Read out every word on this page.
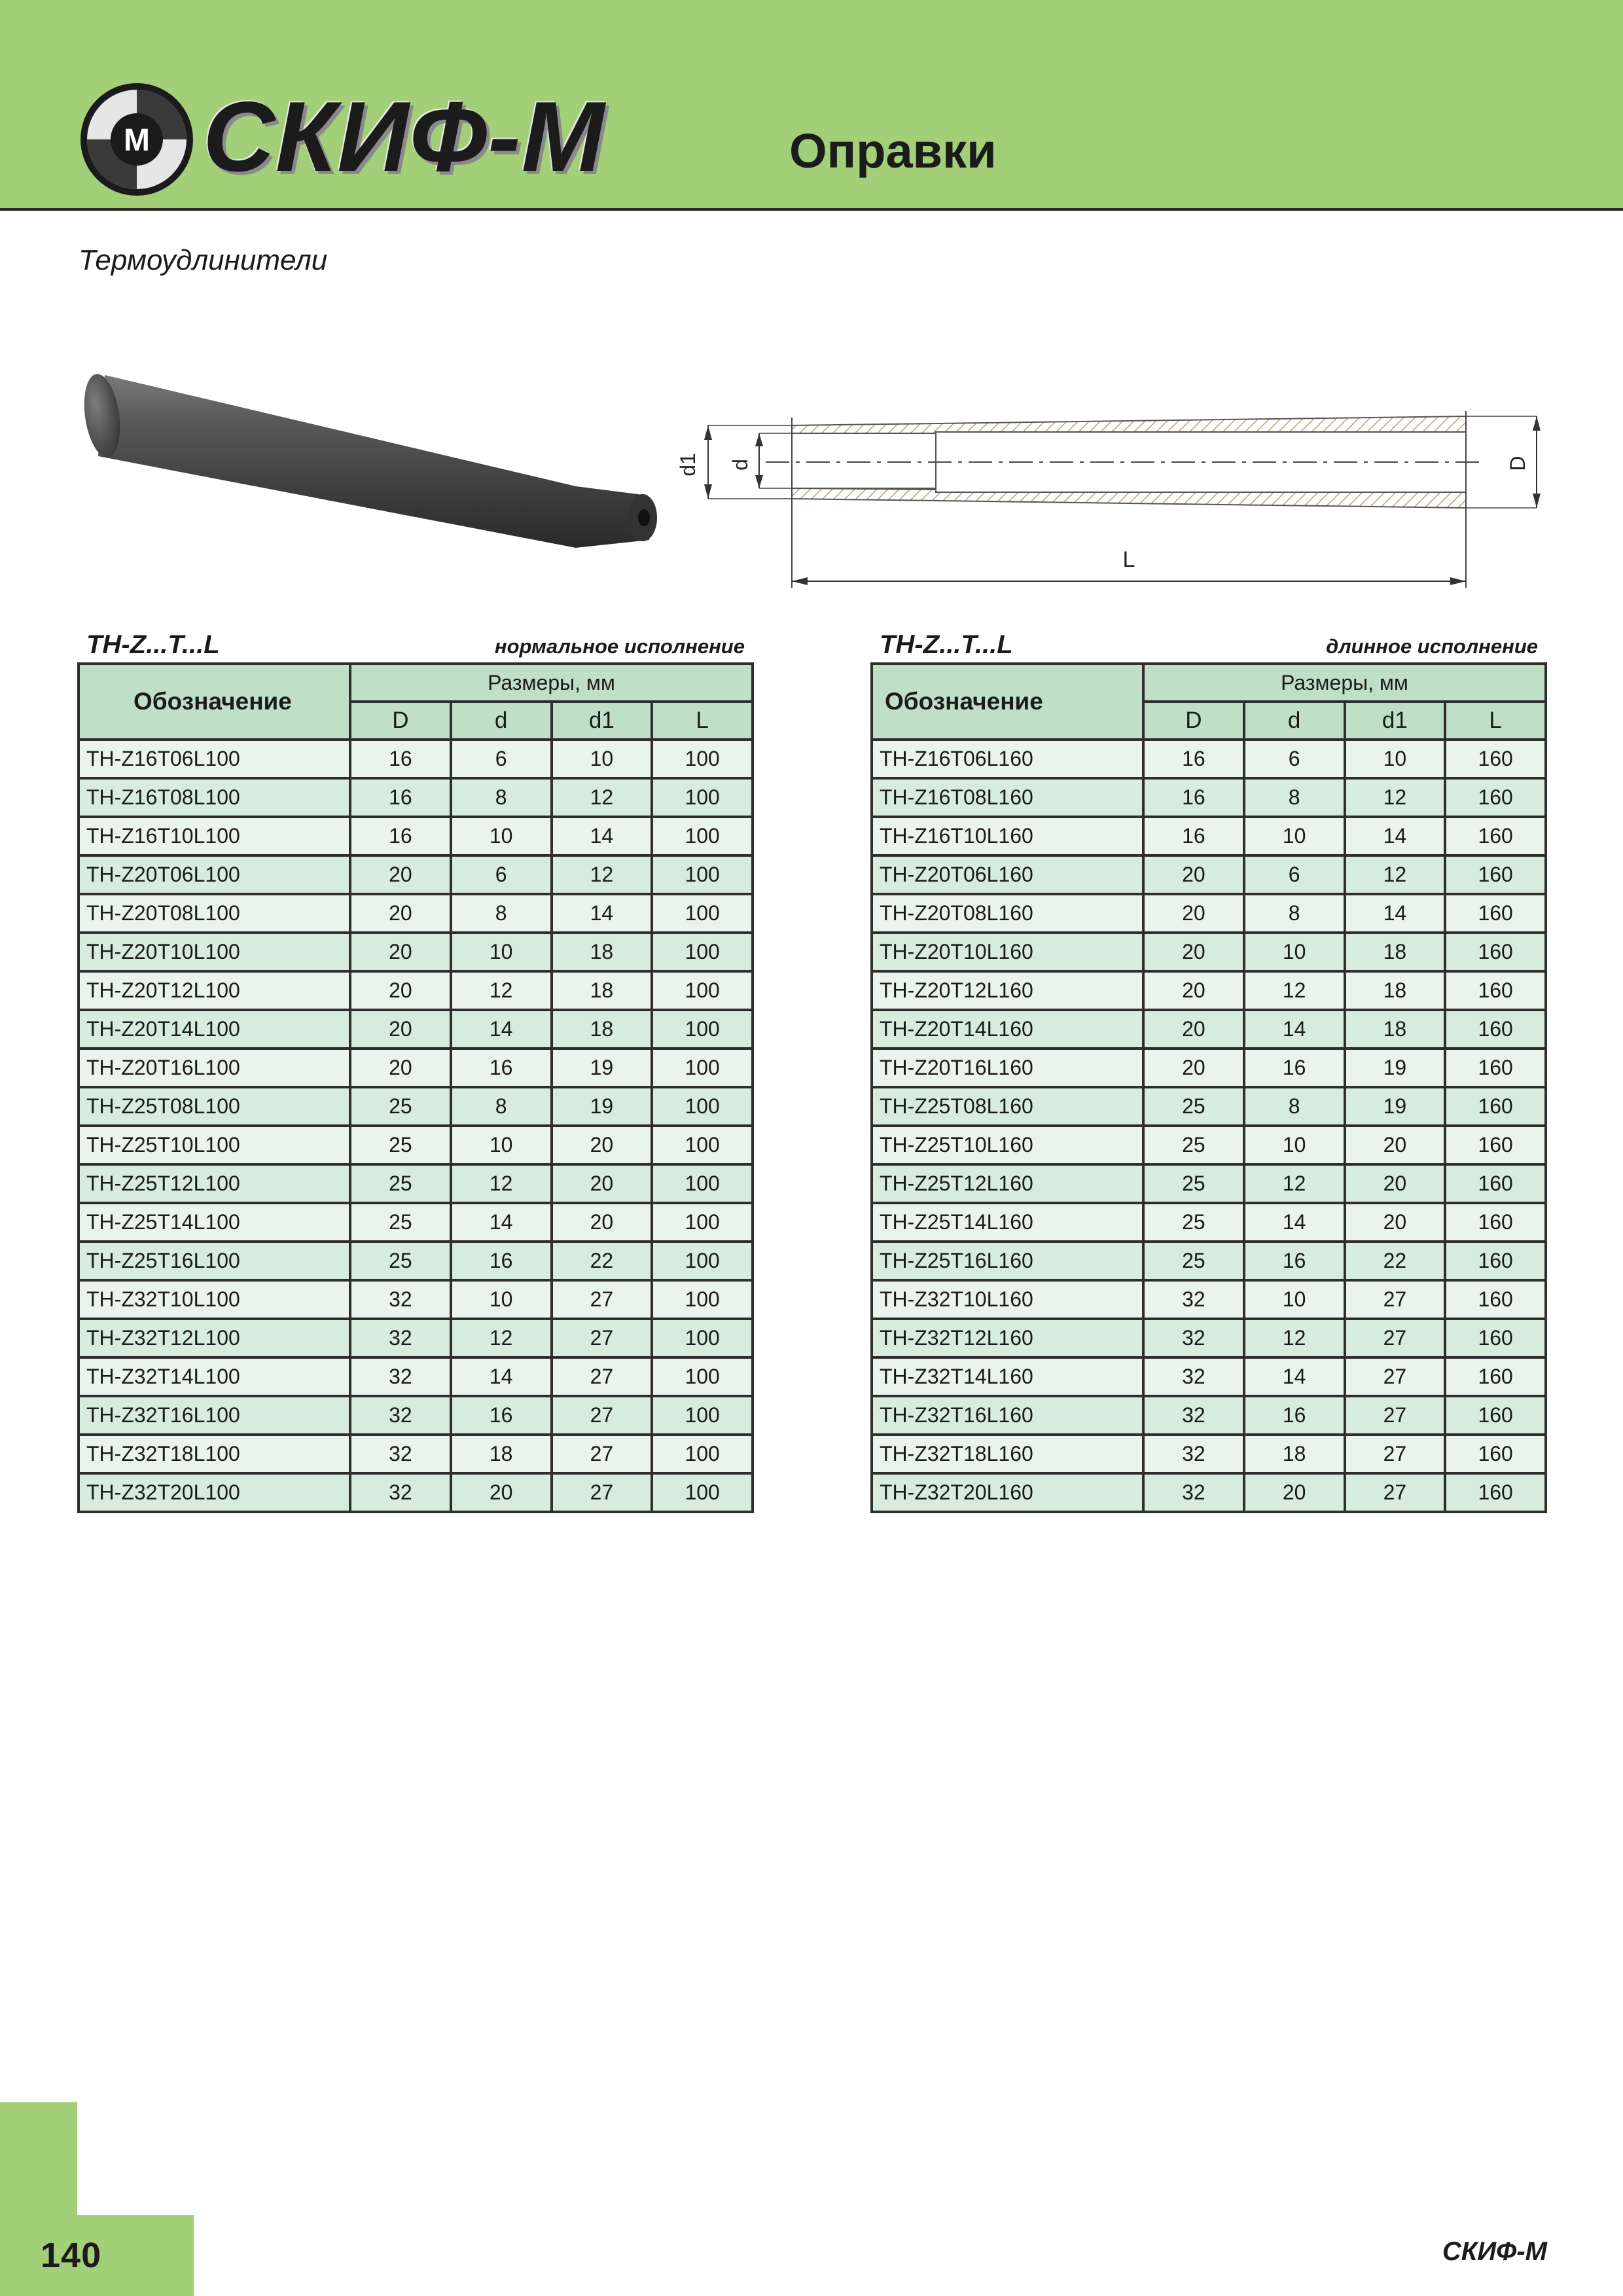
M СКИФ-М	Оправки
Термоудлинители
L
d1 d	D
TH-Z...T...L	нормальное исполнение
Обозначение	Размеры, мм			
	D	d	d1	L
TH-Z16T06L100	16	6	10	100
TH-Z16T08L100	16	8	12	100
TH-Z16T10L100	16	10	14	100
TH-Z20T06L100	20	6	12	100
TH-Z20T08L100	20	8	14	100
TH-Z20T10L100	20	10	18	100
TH-Z20T12L100	20	12	18	100
TH-Z20T14L100	20	14	18	100
TH-Z20T16L100	20	16	19	100
TH-Z25T08L100	25	8	19	100
TH-Z25T10L100	25	10	20	100
TH-Z25T12L100	25	12	20	100
TH-Z25T14L100	25	14	20	100
TH-Z25T16L100	25	16	22	100
TH-Z32T10L100	32	10	27	100
TH-Z32T12L100	32	12	27	100
TH-Z32T14L100	32	14	27	100
TH-Z32T16L100	32	16	27	100
TH-Z32T18L100	32	18	27	100
TH-Z32T20L100	32	20	27	100
TH-Z...T...L	длинное исполнение
Обозначение	Размеры, мм			
	D	d	d1	L
TH-Z16T06L160	16	6	10	160
TH-Z16T08L160	16	8	12	160
TH-Z16T10L160	16	10	14	160
TH-Z20T06L160	20	6	12	160
TH-Z20T08L160	20	8	14	160
TH-Z20T10L160	20	10	18	160
TH-Z20T12L160	20	12	18	160
TH-Z20T14L160	20	14	18	160
TH-Z20T16L160	20	16	19	160
TH-Z25T08L160	25	8	19	160
TH-Z25T10L160	25	10	20	160
TH-Z25T12L160	25	12	20	160
TH-Z25T14L160	25	14	20	160
TH-Z25T16L160	25	16	22	160
TH-Z32T10L160	32	10	27	160
TH-Z32T12L160	32	12	27	160
TH-Z32T14L160	32	14	27	160
TH-Z32T16L160	32	16	27	160
TH-Z32T18L160	32	18	27	160
TH-Z32T20L160	32	20	27	160
140	СКИФ-М
